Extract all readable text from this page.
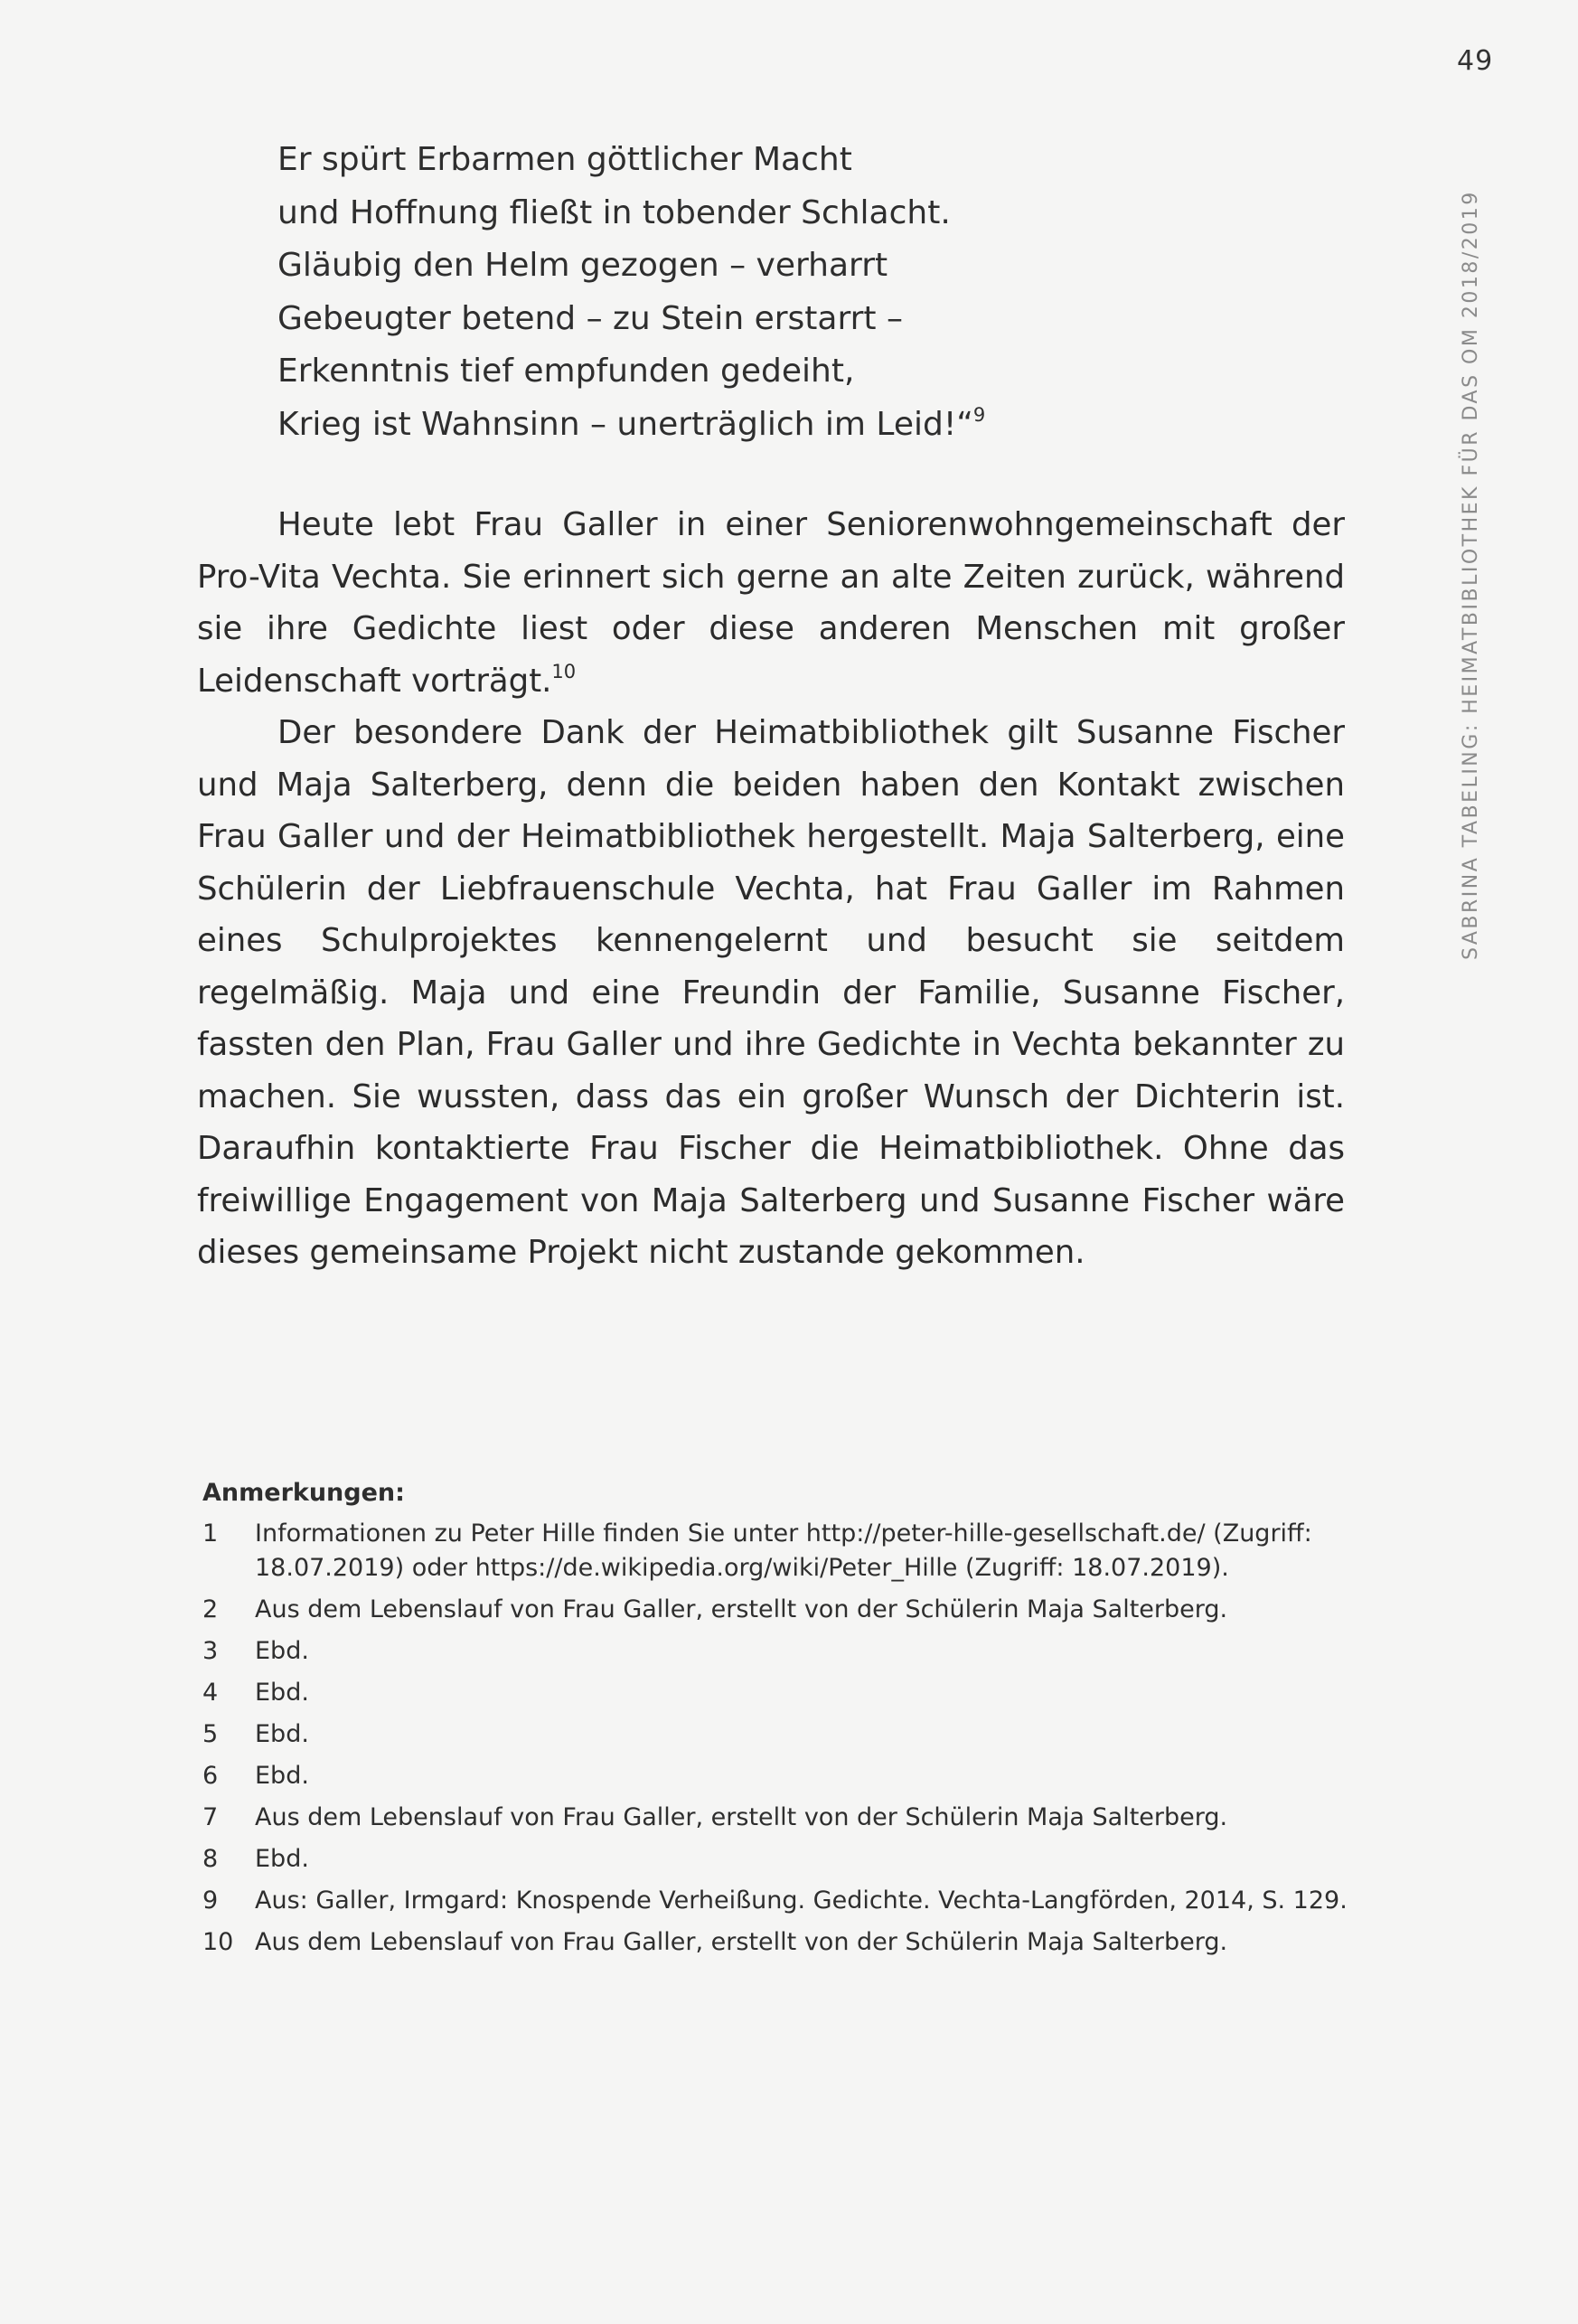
49
SABRINA TABELING: HEIMATBIBLIOTHEK FÜR DAS OM 2018/2019
Er spürt Erbarmen göttlicher Macht
und Hoffnung fließt in tobender Schlacht.
Gläubig den Helm gezogen – verharrt
Gebeugter betend – zu Stein erstarrt –
Erkenntnis tief empfunden gedeiht,
Krieg ist Wahnsinn – unerträglich im Leid!“$^9$

Heute lebt Frau Galler in einer Seniorenwohngemeinschaft der Pro-Vita Vechta. Sie erinnert sich gerne an alte Zeiten zurück, während sie ihre Gedichte liest oder diese anderen Menschen mit großer Leidenschaft vorträgt.$^{10}$

Der besondere Dank der Heimatbibliothek gilt Susanne Fischer und Maja Salterberg, denn die beiden haben den Kontakt zwischen Frau Galler und der Heimatbibliothek hergestellt. Maja Salterberg, eine Schülerin der Liebfrauenschule Vechta, hat Frau Galler im Rahmen eines Schulprojektes kennengelernt und besucht sie seitdem regelmäßig. Maja und eine Freundin der Familie, Susanne Fischer, fassten den Plan, Frau Galler und ihre Gedichte in Vechta bekannter zu machen. Sie wussten, dass das ein großer Wunsch der Dichterin ist. Daraufhin kontaktierte Frau Fischer die Heimatbibliothek. Ohne das freiwillige Engagement von Maja Salterberg und Susanne Fischer wäre dieses gemeinsame Projekt nicht zustande gekommen.

Anmerkungen:
1	Informationen zu Peter Hille finden Sie unter http://peter-hille-gesellschaft.de/ (Zugriff: 18.07.2019) oder https://de.wikipedia.org/wiki/Peter_Hille (Zugriff: 18.07.2019).
2	Aus dem Lebenslauf von Frau Galler, erstellt von der Schülerin Maja Salterberg.
3	Ebd.
4	Ebd.
5	Ebd.
6	Ebd.
7	Aus dem Lebenslauf von Frau Galler, erstellt von der Schülerin Maja Salterberg.
8	Ebd.
9	Aus: Galler, Irmgard: Knospende Verheißung. Gedichte. Vechta-Langförden, 2014, S. 129.
10 Aus dem Lebenslauf von Frau Galler, erstellt von der Schülerin Maja Salterberg.
